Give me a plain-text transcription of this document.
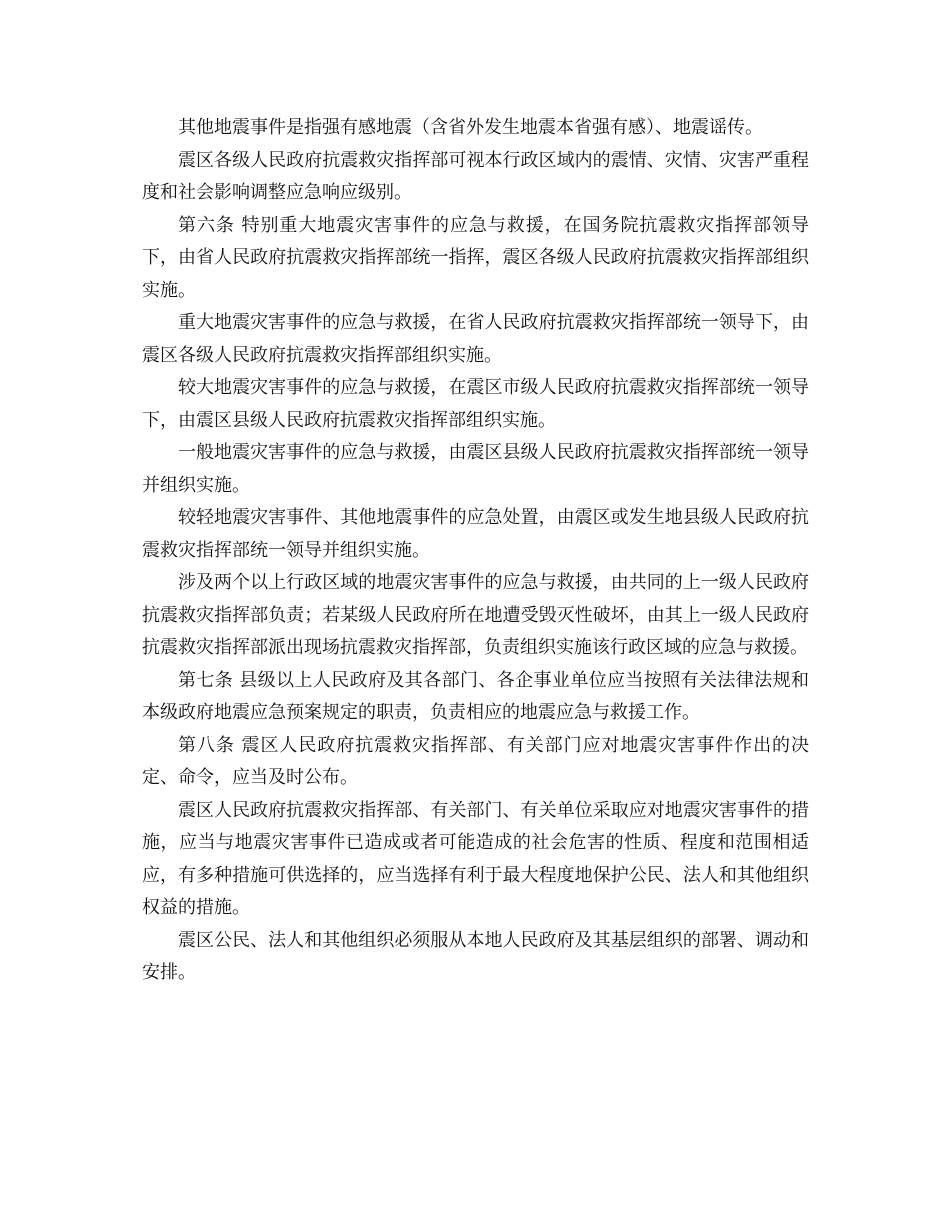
其他地震事件是指强有感地震（含省外发生地震本省强有感）、地震谣传。

震区各级人民政府抗震救灾指挥部可视本行政区域内的震情、灾情、灾害严重程度和社会影响调整应急响应级别。

第六条 特别重大地震灾害事件的应急与救援，在国务院抗震救灾指挥部领导下，由省人民政府抗震救灾指挥部统一指挥，震区各级人民政府抗震救灾指挥部组织实施。

重大地震灾害事件的应急与救援，在省人民政府抗震救灾指挥部统一领导下，由震区各级人民政府抗震救灾指挥部组织实施。

较大地震灾害事件的应急与救援，在震区市级人民政府抗震救灾指挥部统一领导下，由震区县级人民政府抗震救灾指挥部组织实施。

一般地震灾害事件的应急与救援，由震区县级人民政府抗震救灾指挥部统一领导并组织实施。

较轻地震灾害事件、其他地震事件的应急处置，由震区或发生地县级人民政府抗震救灾指挥部统一领导并组织实施。

涉及两个以上行政区域的地震灾害事件的应急与救援，由共同的上一级人民政府抗震救灾指挥部负责；若某级人民政府所在地遭受毁灭性破坏，由其上一级人民政府抗震救灾指挥部派出现场抗震救灾指挥部，负责组织实施该行政区域的应急与救援。

第七条 县级以上人民政府及其各部门、各企事业单位应当按照有关法律法规和本级政府地震应急预案规定的职责，负责相应的地震应急与救援工作。

第八条 震区人民政府抗震救灾指挥部、有关部门应对地震灾害事件作出的决定、命令，应当及时公布。

震区人民政府抗震救灾指挥部、有关部门、有关单位采取应对地震灾害事件的措施，应当与地震灾害事件已造成或者可能造成的社会危害的性质、程度和范围相适应，有多种措施可供选择的，应当选择有利于最大程度地保护公民、法人和其他组织权益的措施。

震区公民、法人和其他组织必须服从本地人民政府及其基层组织的部署、调动和安排。
